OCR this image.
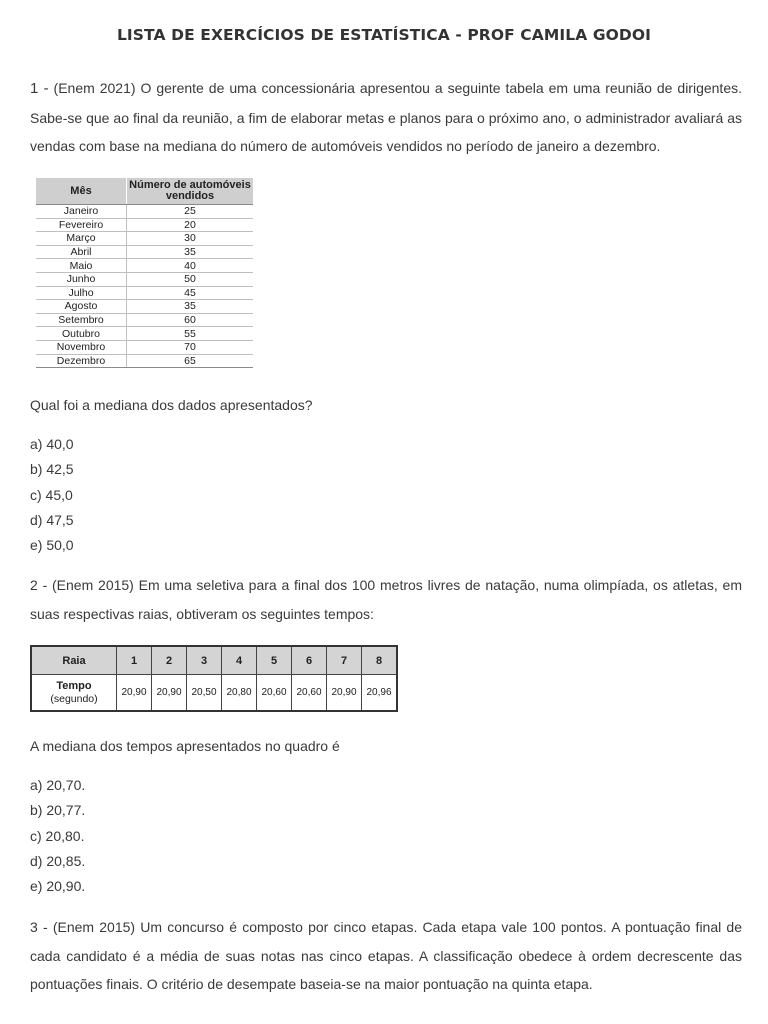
LISTA DE EXERCÍCIOS DE ESTATÍSTICA - PROF CAMILA GODOI
1 - (Enem 2021) O gerente de uma concessionária apresentou a seguinte tabela em uma reunião de dirigentes. Sabe-se que ao final da reunião, a fim de elaborar metas e planos para o próximo ano, o administrador avaliará as vendas com base na mediana do número de automóveis vendidos no período de janeiro a dezembro.
Mês	Número de automóveis vendidos
Janeiro	25
Fevereiro	20
Março	30
Abril	35
Maio	40
Junho	50
Julho	45
Agosto	35
Setembro	60
Outubro	55
Novembro	70
Dezembro	65
Qual foi a mediana dos dados apresentados?
a) 40,0
b) 42,5
c) 45,0
d) 47,5
e) 50,0
2 - (Enem 2015) Em uma seletiva para a final dos 100 metros livres de natação, numa olimpíada, os atletas, em suas respectivas raias, obtiveram os seguintes tempos:
Raia	1	2	3	4	5	6	7	8

Tempo
(segundo)	20,90	20,90	20,50	20,80	20,60	20,60	20,90	20,96
A mediana dos tempos apresentados no quadro é
a) 20,70.
b) 20,77.
c) 20,80.
d) 20,85.
e) 20,90.
3 - (Enem 2015) Um concurso é composto por cinco etapas. Cada etapa vale 100 pontos. A pontuação final de cada candidato é a média de suas notas nas cinco etapas. A classificação obedece à ordem decrescente das pontuações finais. O critério de desempate baseia-se na maior pontuação na quinta etapa.
